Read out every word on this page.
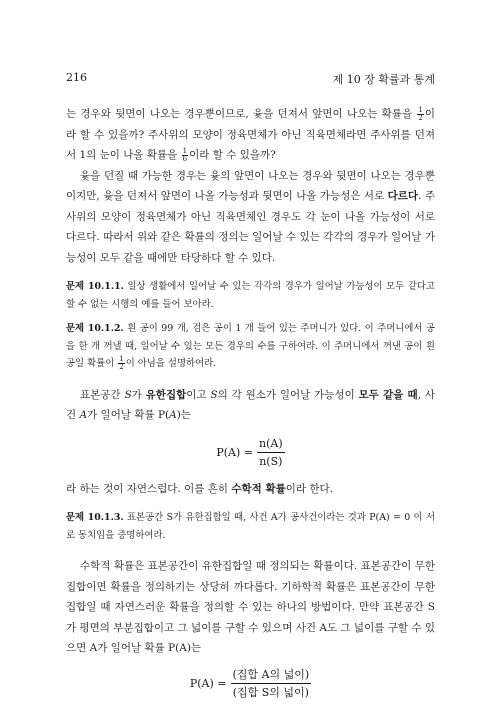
216	제 10 장 확률과 통계

는 경우와 뒷면이 나오는 경우뿐이므로, 윷을 던져서 앞면이 나오는 확률을 $\frac{1}{2}$ 이라 할 수 있을까? 주사위의 모양이 정육면체가 아닌 직육면체라면 주사위를 던져서 1의 눈이 나올 확률을 $\frac{1}{6}$ 이라 할 수 있을까?

윷을 던질 때 가능한 경우는 윷의 앞면이 나오는 경우와 뒷면이 나오는 경우뿐이지만, 윷을 던져서 앞면이 나올 가능성과 뒷면이 나올 가능성은 서로 다르다. 주사위의 모양이 정육면체가 아닌 직육면체인 경우도 각 눈이 나올 가능성이 서로 다르다. 따라서 위와 같은 확률의 정의는 일어날 수 있는 각각의 경우가 일어날 가능성이 모두 같을 때에만 타당하다 할 수 있다.

문제 10.1.1. 일상 생활에서 일어날 수 있는 각각의 경우가 일어날 가능성이 모두 같다고 할 수 없는 시행의 예를 들어 보아라.

문제 10.1.2. 흰 공이 99 개, 검은 공이 1 개 들어 있는 주머니가 있다. 이 주머니에서 공을 한 개 꺼낼 때, 일어날 수 있는 모든 경우의 수를 구하여라. 이 주머니에서 꺼낸 공이 흰 공일 확률이 $\frac{1}{2}$ 이 아님을 설명하여라.

표본공간 S가 유한집합이고 S의 각 원소가 일어날 가능성이 모두 같을 때, 사건 A가 일어날 확률 P(A)는

$P(A) = \frac{n(A)}{n(S)}$

라 하는 것이 자연스럽다. 이를 흔히 수학적 확률이라 한다.

문제 10.1.3. 표본공간 S가 유한집합일 때, 사건 A가 공사건이라는 것과 P(A) = 0 이 서로 동치임을 증명하여라.

수학적 확률은 표본공간이 유한집합일 때 정의되는 확률이다. 표본공간이 무한집합이면 확률을 정의하기는 상당히 까다롭다. 기하학적 확률은 표본공간이 무한집합일 때 자연스러운 확률을 정의할 수 있는 하나의 방법이다. 만약 표본공간 S가 평면의 부분집합이고 그 넓이를 구할 수 있으며 사건 A도 그 넓이를 구할 수 있으면 A가 일어날 확률 P(A)는

$P(A) = \frac{\text{(집합 A의 넓이)}}{\text{(집합 S의 넓이)}}$
